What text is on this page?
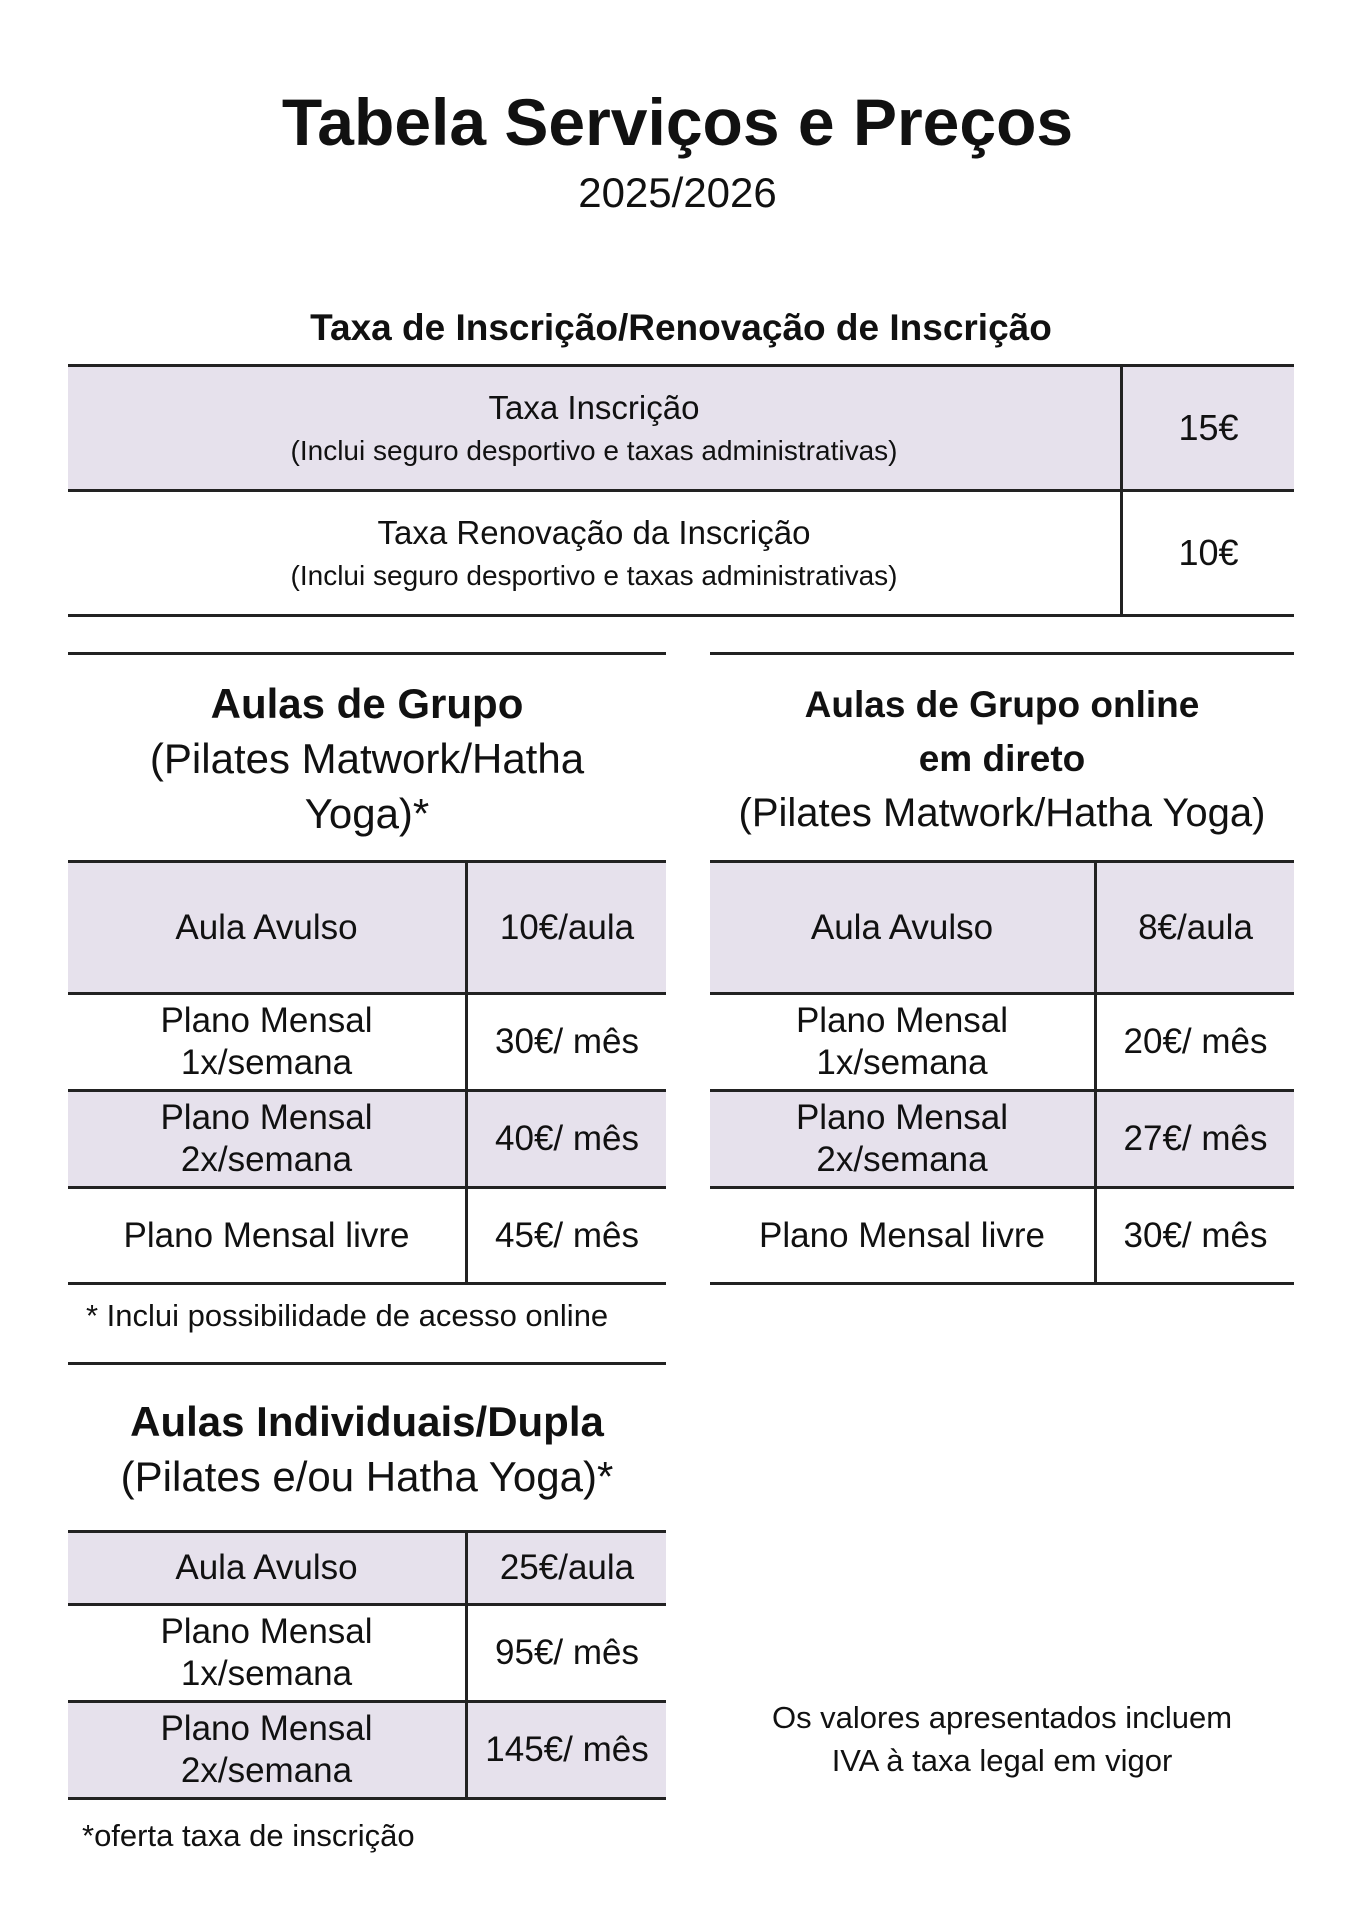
Tabela Serviços e Preços
2025/2026
Taxa de Inscrição/Renovação de Inscrição
Taxa Inscrição
(Inclui seguro desportivo e taxas administrativas)	15€
Taxa Renovação da Inscrição
(Inclui seguro desportivo e taxas administrativas)	10€
Aulas de Grupo
(Pilates Matwork/Hatha
Yoga)*
Aula Avulso	10€/aula

Plano Mensal
1x/semana	30€/ mês

Plano Mensal
2x/semana	40€/ mês
Plano Mensal livre	45€/ mês
Aulas de Grupo online
em direto
(Pilates Matwork/Hatha Yoga)
Aula Avulso	8€/aula

Plano Mensal
1x/semana	20€/ mês

Plano Mensal
2x/semana	27€/ mês
Plano Mensal livre	30€/ mês
* Inclui possibilidade de acesso online
Aulas Individuais/Dupla
(Pilates e/ou Hatha Yoga)*
Aula Avulso	25€/aula

Plano Mensal
1x/semana	95€/ mês

Plano Mensal
2x/semana	145€/ mês
*oferta taxa de inscrição
Os valores apresentados incluem
IVA à taxa legal em vigor
